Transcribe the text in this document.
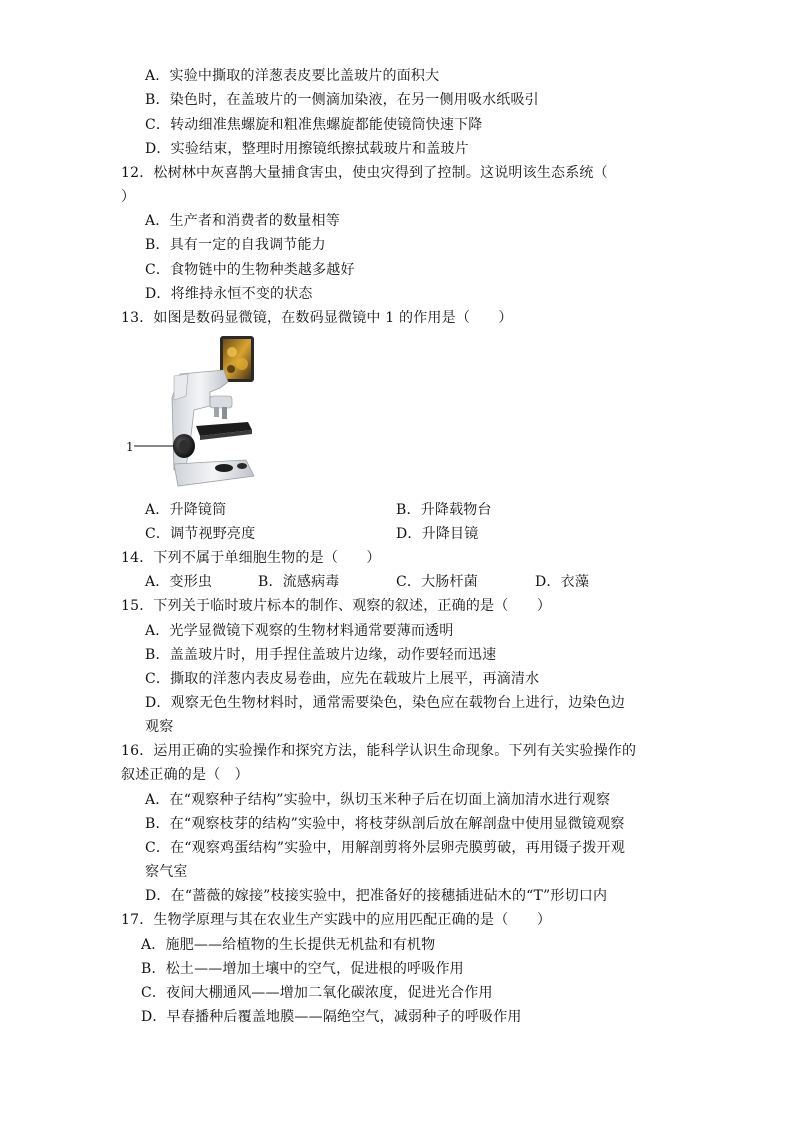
A．实验中撕取的洋葱表皮要比盖玻片的面积大
B．染色时，在盖玻片的一侧滴加染液，在另一侧用吸水纸吸引
C．转动细准焦螺旋和粗准焦螺旋都能使镜筒快速下降
D．实验结束，整理时用擦镜纸擦拭载玻片和盖玻片
12．松树林中灰喜鹊大量捕食害虫，使虫灾得到了控制。这说明该生态系统（
）
A．生产者和消费者的数量相等
B．具有一定的自我调节能力
C．食物链中的生物种类越多越好
D．将维持永恒不变的状态
13．如图是数码显微镜，在数码显微镜中 1 的作用是（　　）
1
A．升降镜筒	B．升降载物台
C．调节视野亮度	D．升降目镜
14．下列不属于单细胞生物的是（　　）
A．变形虫	B．流感病毒	C．大肠杆菌	D．衣藻
15．下列关于临时玻片标本的制作、观察的叙述，正确的是（　　）
A．光学显微镜下观察的生物材料通常要薄而透明
B．盖盖玻片时，用手捏住盖玻片边缘，动作要轻而迅速
C．撕取的洋葱内表皮易卷曲，应先在载玻片上展平，再滴清水
D．观察无色生物材料时，通常需要染色，染色应在载物台上进行，边染色边
观察
16．运用正确的实验操作和探究方法，能科学认识生命现象。下列有关实验操作的
叙述正确的是（　）
A．在“观察种子结构”实验中，纵切玉米种子后在切面上滴加清水进行观察
B．在“观察枝芽的结构”实验中，将枝芽纵剖后放在解剖盘中使用显微镜观察
C．在“观察鸡蛋结构”实验中，用解剖剪将外层卵壳膜剪破，再用镊子拨开观
察气室
D．在“蔷薇的嫁接”枝接实验中，把准备好的接穗插进砧木的“T”形切口内
17．生物学原理与其在农业生产实践中的应用匹配正确的是（　　）
A．施肥——给植物的生长提供无机盐和有机物
B．松土——增加土壤中的空气，促进根的呼吸作用
C．夜间大棚通风——增加二氧化碳浓度，促进光合作用
D．早春播种后覆盖地膜——隔绝空气，减弱种子的呼吸作用
